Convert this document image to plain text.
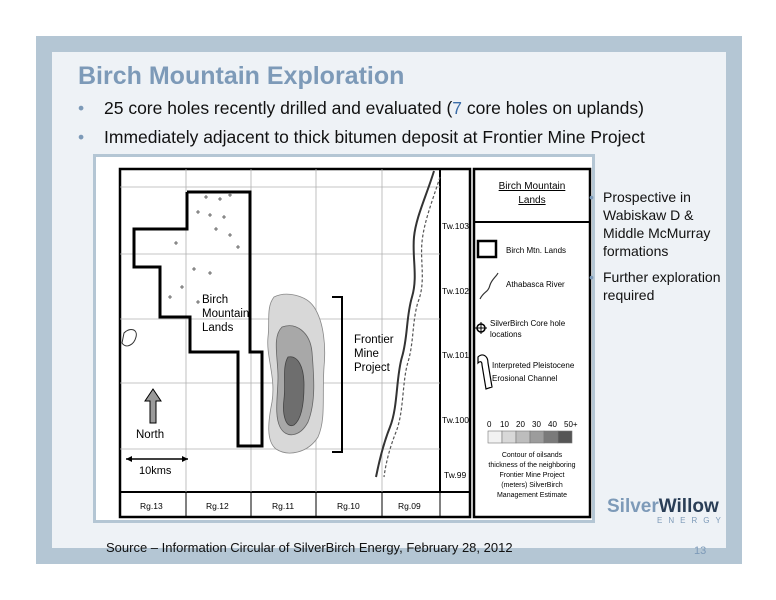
Birch Mountain Exploration
• 25 core holes recently drilled and evaluated (7 core holes on uplands)
• Immediately adjacent to thick bitumen deposit at Frontier Mine Project
Birch
Mountain
Lands
Frontier
Mine
Project
North
10kms
Tw.103
Tw.102
Tw.101
Tw.100
Tw.99
Rg.13	Rg.12	Rg.11	Rg.10	Rg.09
Birch Mountain
Lands
Birch Mtn. Lands
Athabasca River
SilverBirch Core hole
locations
Interpreted Pleistocene
Erosional Channel
0 10 20 30 40 50+
Contour of oilsands
thickness of the neighboring
Frontier Mine Project
(meters) SilverBirch
Management Estimate
• Prospective in Wabiskaw D & Middle McMurray formations
• Further exploration required
SilverWillow
ENERGY
Source – Information Circular of SilverBirch Energy, February 28, 2012	13
